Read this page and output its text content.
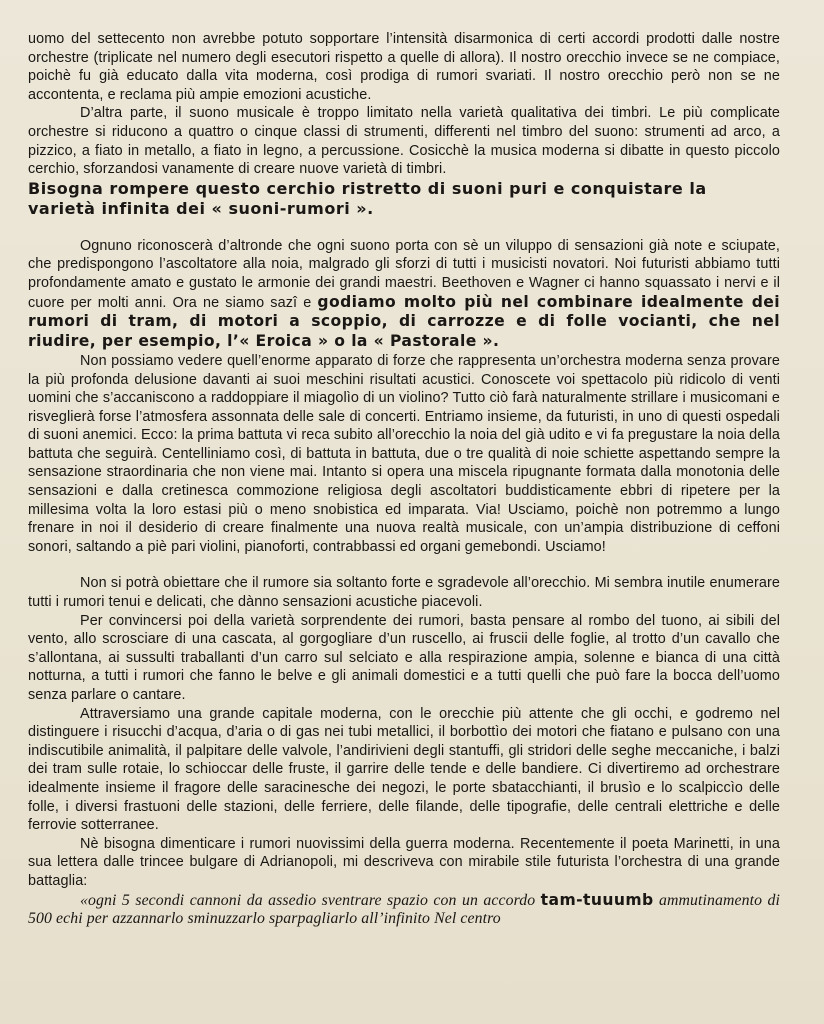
uomo del settecento non avrebbe potuto sopportare l’intensità disarmonica di certi accordi prodotti dalle nostre orchestre (triplicate nel numero degli esecutori rispetto a quelle di allora). Il nostro orecchio invece se ne compiace, poichè fu già educato dalla vita moderna, così prodiga di rumori svariati. Il nostro orecchio però non se ne accontenta, e reclama più ampie emozioni acustiche.

D’altra parte, il suono musicale è troppo limitato nella varietà qualitativa dei timbri. Le più complicate orchestre si riducono a quattro o cinque classi di strumenti, differenti nel timbro del suono: strumenti ad arco, a pizzico, a fiato in metallo, a fiato in legno, a percussione. Cosicchè la musica moderna si dibatte in questo piccolo cerchio, sforzandosi vanamente di creare nuove varietà di timbri.

Bisogna rompere questo cerchio ristretto di suoni puri e conquistare la varietà infinita dei « suoni-rumori ».

Ognuno riconoscerà d’altronde che ogni suono porta con sè un viluppo di sensazioni già note e sciupate, che predispongono l’ascoltatore alla noia, malgrado gli sforzi di tutti i musicisti novatori. Noi futuristi abbiamo tutti profondamente amato e gustato le armonie dei grandi maestri. Beethoven e Wagner ci hanno squassato i nervi e il cuore per molti anni. Ora ne siamo sazî e godiamo molto più nel combinare idealmente dei rumori di tram, di motori a scoppio, di carrozze e di folle vocianti, che nel riudire, per esempio, l’« Eroica » o la « Pastorale ».

Non possiamo vedere quell’enorme apparato di forze che rappresenta un’orchestra moderna senza provare la più profonda delusione davanti ai suoi meschini risultati acustici. Conoscete voi spettacolo più ridicolo di venti uomini che s’accaniscono a raddoppiare il miagolìo di un violino? Tutto ciò farà naturalmente strillare i musicomani e risveglierà forse l’atmosfera assonnata delle sale di concerti. Entriamo insieme, da futuristi, in uno di questi ospedali di suoni anemici. Ecco: la prima battuta vi reca subito all’orecchio la noia del già udito e vi fa pregustare la noia della battuta che seguirà. Centelliniamo così, di battuta in battuta, due o tre qualità di noie schiette aspettando sempre la sensazione straordinaria che non viene mai. Intanto si opera una miscela ripugnante formata dalla monotonia delle sensazioni e dalla cretinesca commozione religiosa degli ascoltatori buddisticamente ebbri di ripetere per la millesima volta la loro estasi più o meno snobistica ed imparata. Via! Usciamo, poichè non potremmo a lungo frenare in noi il desiderio di creare finalmente una nuova realtà musicale, con un’ampia distribuzione di ceffoni sonori, saltando a piè pari violini, pianoforti, contrabbassi ed organi gemebondi. Usciamo!

Non si potrà obiettare che il rumore sia soltanto forte e sgradevole all’orecchio. Mi sembra inutile enumerare tutti i rumori tenui e delicati, che dànno sensazioni acustiche piacevoli.

Per convincersi poi della varietà sorprendente dei rumori, basta pensare al rombo del tuono, ai sibili del vento, allo scrosciare di una cascata, al gorgogliare d’un ruscello, ai fruscii delle foglie, al trotto d’un cavallo che s’allontana, ai sussulti traballanti d’un carro sul selciato e alla respirazione ampia, solenne e bianca di una città notturna, a tutti i rumori che fanno le belve e gli animali domestici e a tutti quelli che può fare la bocca dell’uomo senza parlare o cantare.

Attraversiamo una grande capitale moderna, con le orecchie più attente che gli occhi, e godremo nel distinguere i risucchi d’acqua, d’aria o di gas nei tubi metallici, il borbottìo dei motori che fiatano e pulsano con una indiscutibile animalità, il palpitare delle valvole, l’andirivieni degli stantuffi, gli stridori delle seghe meccaniche, i balzi dei tram sulle rotaie, lo schioccar delle fruste, il garrire delle tende e delle bandiere. Ci divertiremo ad orchestrare idealmente insieme il fragore delle saracinesche dei negozi, le porte sbatacchianti, il brusìo e lo scalpiccìo delle folle, i diversi frastuoni delle stazioni, delle ferriere, delle filande, delle tipografie, delle centrali elettriche e delle ferrovie sotterranee.

Nè bisogna dimenticare i rumori nuovissimi della guerra moderna. Recentemente il poeta Marinetti, in una sua lettera dalle trincee bulgare di Adrianopoli, mi descriveva con mirabile stile futurista l’orchestra di una grande battaglia:

«ogni 5 secondi cannoni da assedio sventrare spazio con un accordo tam-tuuumb ammutinamento di 500 echi per azzannarlo sminuzzarlo sparpagliarlo all’infinito Nel centro
